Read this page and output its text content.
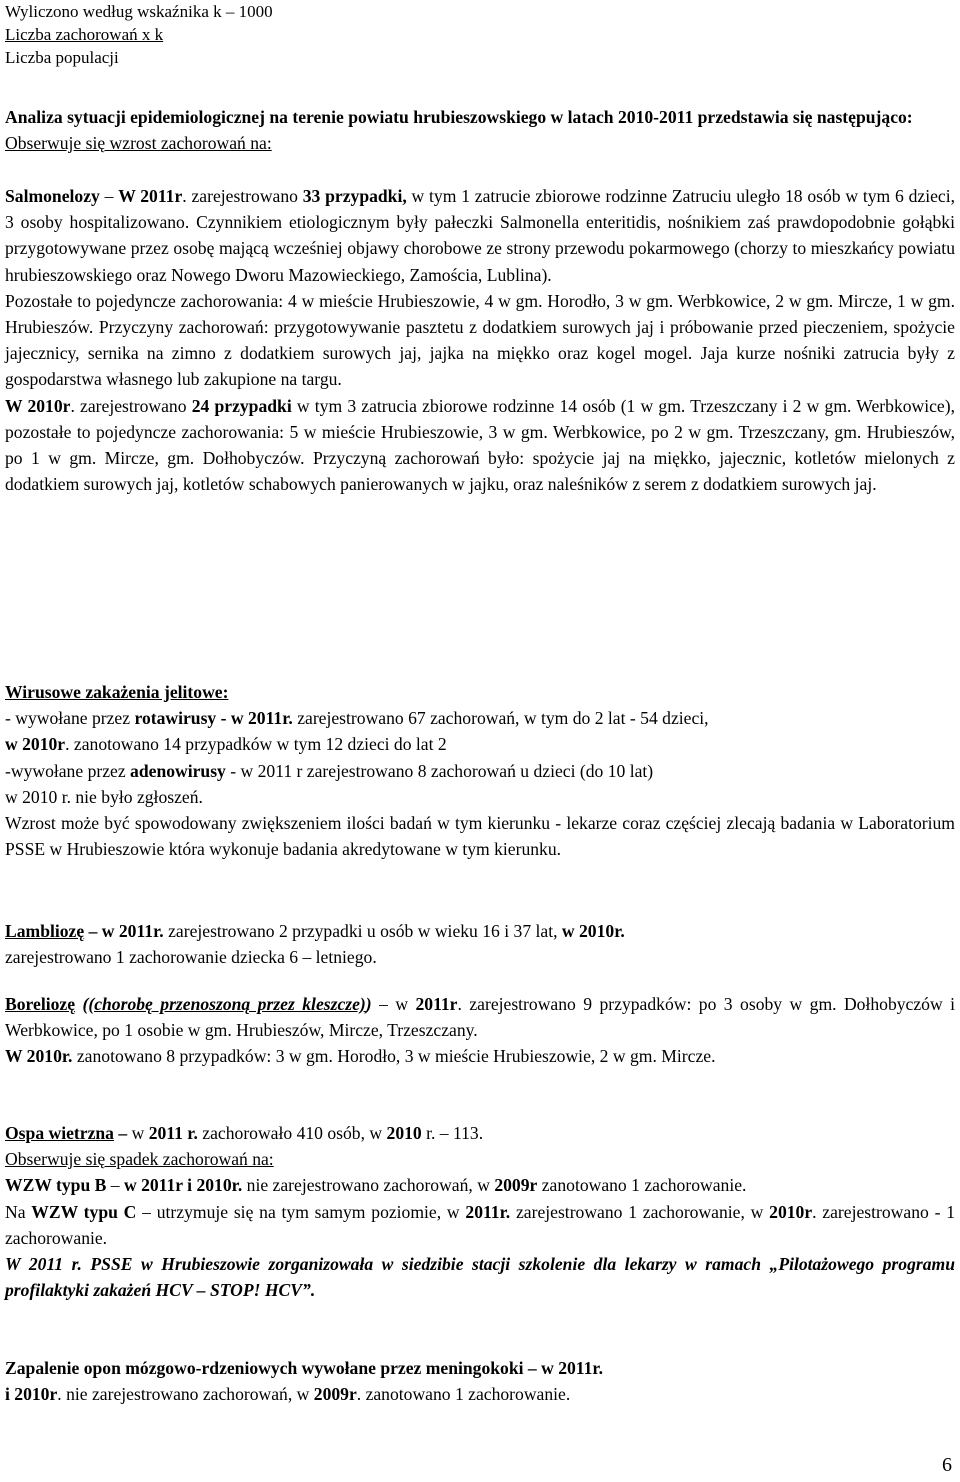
Wyliczono według wskaźnika k – 1000
Liczba zachorowań x k
Liczba populacji

Analiza sytuacji epidemiologicznej na terenie powiatu hrubieszowskiego w latach 2010-2011 przedstawia się następująco:

Obserwuje się wzrost zachorowań na:

Salmonelozy – W 2011r. zarejestrowano 33 przypadki, w tym 1 zatrucie zbiorowe rodzinne Zatruciu uległo 18 osób w tym 6 dzieci, 3 osoby hospitalizowano. Czynnikiem etiologicznym były pałeczki Salmonella enteritidis, nośnikiem zaś prawdopodobnie gołąbki przygotowywane przez osobę mającą wcześniej objawy chorobowe ze strony przewodu pokarmowego (chorzy to mieszkańcy powiatu hrubieszowskiego oraz Nowego Dworu Mazowieckiego, Zamościa, Lublina).

Pozostałe to pojedyncze zachorowania: 4 w mieście Hrubieszowie, 4 w gm. Horodło, 3 w gm. Werbkowice, 2 w gm. Mircze, 1 w gm. Hrubieszów. Przyczyny zachorowań: przygotowywanie pasztetu z dodatkiem surowych jaj i próbowanie przed pieczeniem, spożycie jajecznicy, sernika na zimno z dodatkiem surowych jaj, jajka na miękko oraz kogel mogel. Jaja kurze nośniki zatrucia były z gospodarstwa własnego lub zakupione na targu.

W 2010r. zarejestrowano 24 przypadki w tym 3 zatrucia zbiorowe rodzinne 14 osób (1 w gm. Trzeszczany i 2 w gm. Werbkowice), pozostałe to pojedyncze zachorowania: 5 w mieście Hrubieszowie, 3 w gm. Werbkowice, po 2 w gm. Trzeszczany, gm. Hrubieszów, po 1 w gm. Mircze, gm. Dołhobyczów. Przyczyną zachorowań było: spożycie jaj na miękko, jajecznic, kotletów mielonych z dodatkiem surowych jaj, kotletów schabowych panierowanych w jajku, oraz naleśników z serem z dodatkiem surowych jaj.

Wirusowe zakażenia jelitowe:

- wywołane przez rotawirusy - w 2011r. zarejestrowano 67 zachorowań, w tym do 2 lat - 54 dzieci,

w 2010r. zanotowano 14 przypadków w tym 12 dzieci do lat 2

-wywołane przez adenowirusy - w 2011 r zarejestrowano 8 zachorowań u dzieci (do 10 lat)

w 2010 r. nie było zgłoszeń.

Wzrost może być spowodowany zwiększeniem ilości badań w tym kierunku - lekarze coraz częściej zlecają badania w Laboratorium PSSE w Hrubieszowie która wykonuje badania akredytowane w tym kierunku.

Lambliozę – w 2011r. zarejestrowano 2 przypadki u osób w wieku 16 i 37 lat, w 2010r.
zarejestrowano 1 zachorowanie dziecka 6 – letniego.

Boreliozę ((chorobę przenoszoną przez kleszcze)) – w 2011r. zarejestrowano 9 przypadków: po 3 osoby w gm. Dołhobyczów i Werbkowice, po 1 osobie w gm. Hrubieszów, Mircze, Trzeszczany.

W 2010r. zanotowano 8 przypadków: 3 w gm. Horodło, 3 w mieście Hrubieszowie, 2 w gm. Mircze.

Ospa wietrzna – w 2011 r. zachorowało 410 osób, w 2010 r. – 113.

Obserwuje się spadek zachorowań na:

WZW typu B – w 2011r i 2010r. nie zarejestrowano zachorowań, w 2009r zanotowano 1 zachorowanie.

Na WZW typu C – utrzymuje się na tym samym poziomie, w 2011r. zarejestrowano 1 zachorowanie, w 2010r. zarejestrowano - 1 zachorowanie.

W 2011 r. PSSE w Hrubieszowie zorganizowała w siedzibie stacji szkolenie dla lekarzy w ramach „Pilotażowego programu profilaktyki zakażeń HCV – STOP! HCV”.

Zapalenie opon mózgowo-rdzeniowych wywołane przez meningokoki – w 2011r.

i 2010r. nie zarejestrowano zachorowań, w 2009r. zanotowano 1 zachorowanie.

6
